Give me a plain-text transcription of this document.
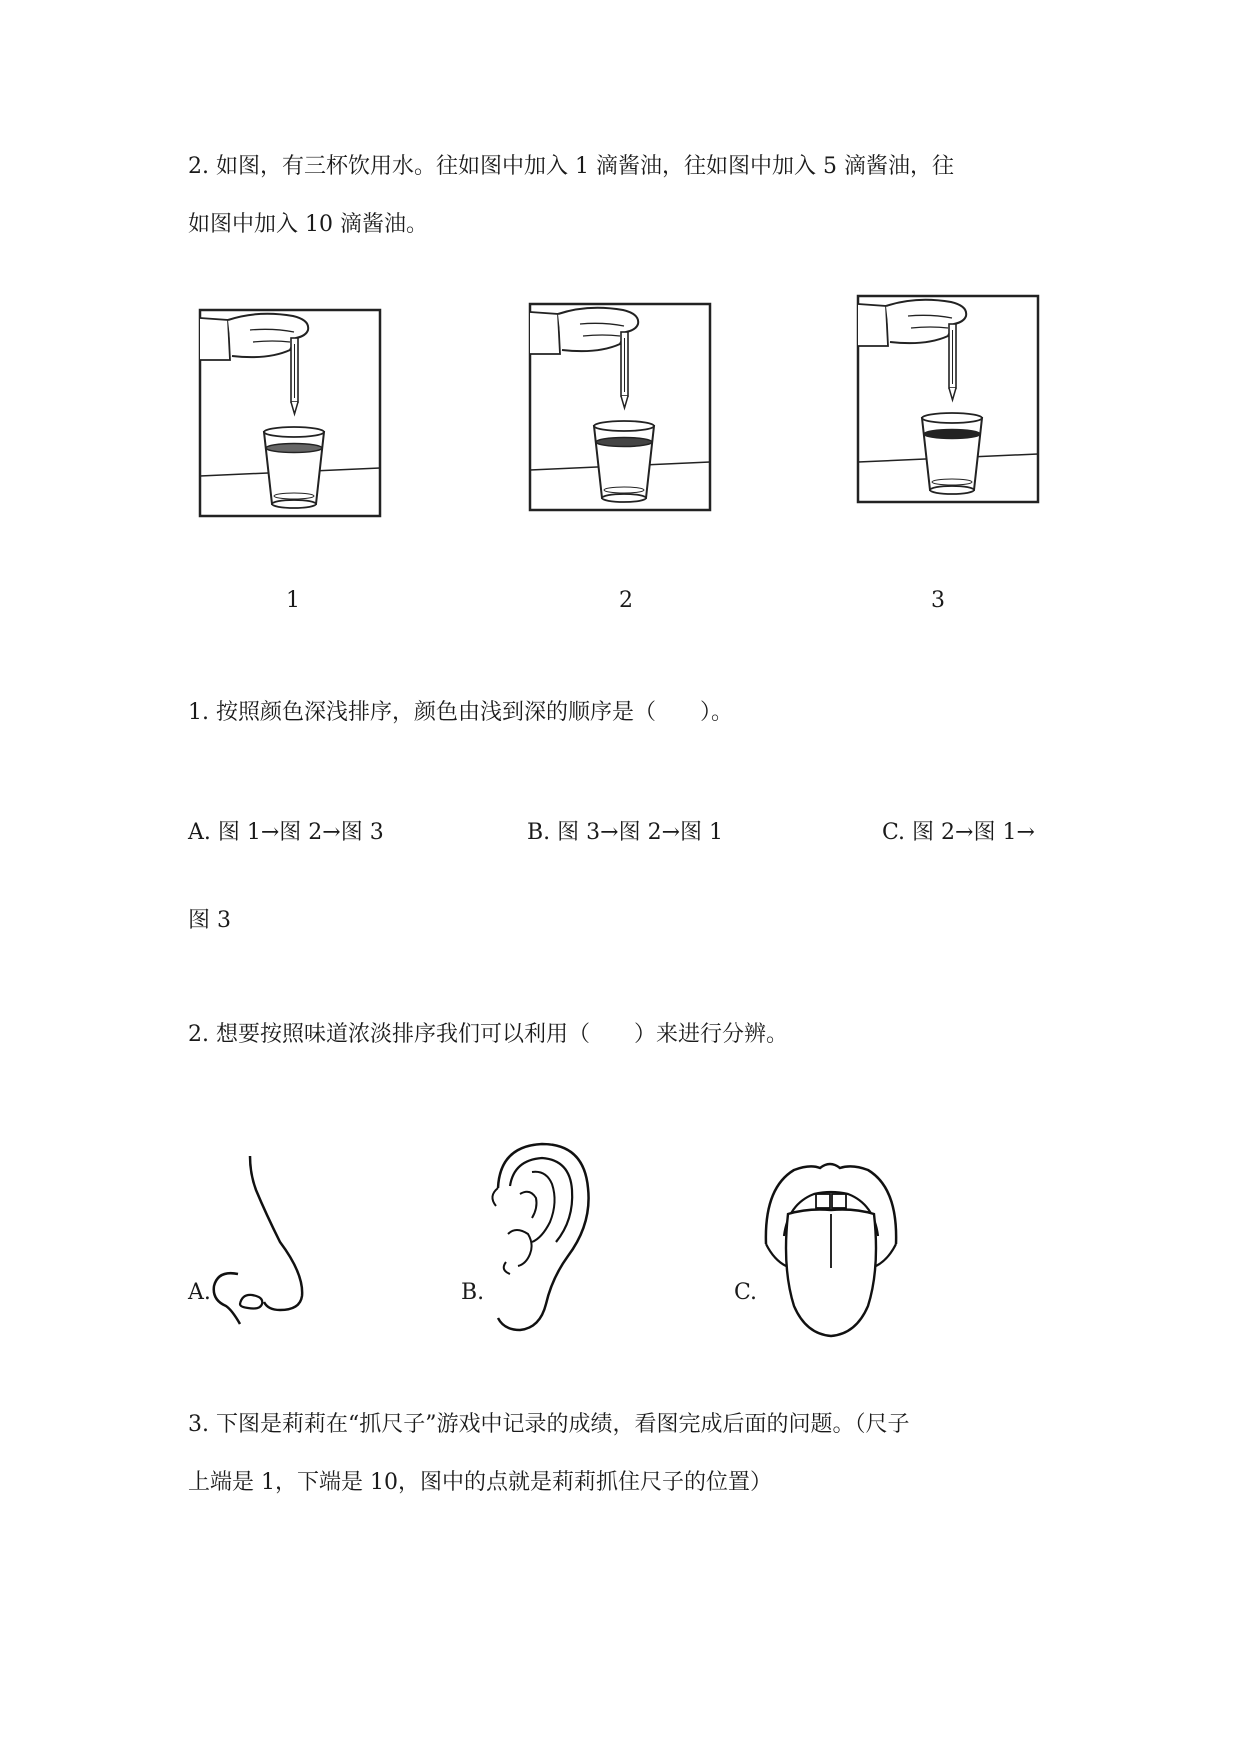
2. 如图，有三杯饮用水。往如图中加入 1 滴酱油，往如图中加入 5 滴酱油，往
如图中加入 10 滴酱油。
1	2	3
1. 按照颜色深浅排序，颜色由浅到深的顺序是（　　）。
A. 图 1→图 2→图 3	B. 图 3→图 2→图 1	C. 图 2→图 1→
图 3
2. 想要按照味道浓淡排序我们可以利用（　　）来进行分辨。
A.	B.	C.
3. 下图是莉莉在“抓尺子”游戏中记录的成绩，看图完成后面的问题。（尺子
上端是 1，下端是 10，图中的点就是莉莉抓住尺子的位置）
